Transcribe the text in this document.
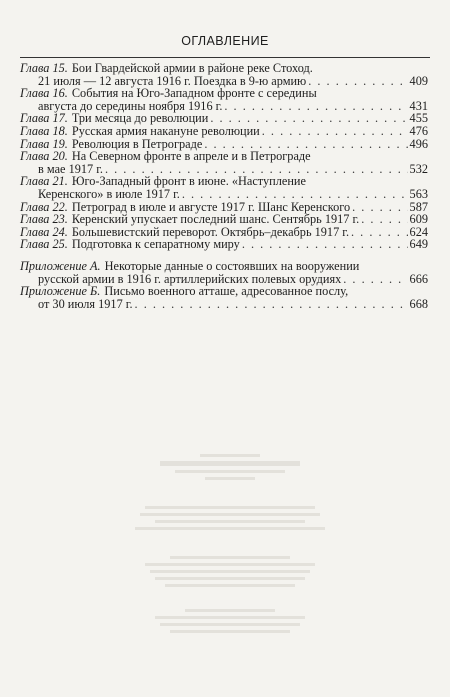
ОГЛАВЛЕНИЕ
Глава 15. Бои Гвардейской армии в районе реке Стоход.
21 июля — 12 августа 1916 г. Поездка в 9-ю армию . . .	409
Глава 16. События на Юго-Западном фронте с середины
августа до середины ноября 1916 г. . . .	431
Глава 17. Три месяца до революции . . .	455
Глава 18. Русская армия накануне революции . . .	476
Глава 19. Революция в Петрограде . . .	496
Глава 20. На Северном фронте в апреле и в Петрограде
в мае 1917 г. . . .	532
Глава 21. Юго-Западный фронт в июне. «Наступление
Керенского» в июле 1917 г. . . .	563
Глава 22. Петроград в июле и августе 1917 г. Шанс Керенского . . .	587
Глава 23. Керенский упускает последний шанс. Сентябрь 1917 г. . . .	609
Глава 24. Большевистский переворот. Октябрь–декабрь 1917 г. . . .	624
Глава 25. Подготовка к сепаратному миру . . .	649
Приложение А. Некоторые данные о состоявших на вооружении
русской армии в 1916 г. артиллерийских полевых орудиях . . .	666
Приложение Б. Письмо военного атташе, адресованное послу,
от 30 июля 1917 г. . . .	668
